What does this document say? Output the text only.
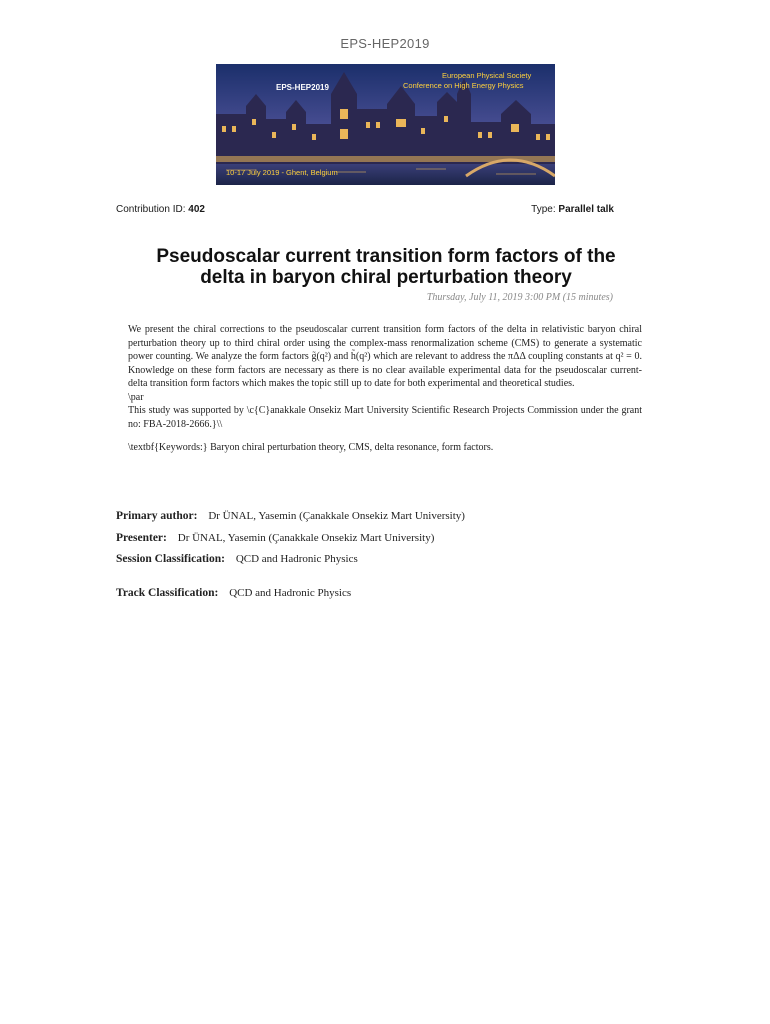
EPS-HEP2019
EPS-HEP2019
European Physical Society
Conference on High Energy Physics
10-17 July 2019 - Ghent, Belgium
Contribution ID: 402	Type: Parallel talk
Pseudoscalar current transition form factors of the
delta in baryon chiral perturbation theory
Thursday, July 11, 2019 3:00 PM (15 minutes)

We present the chiral corrections to the pseudoscalar current transition form factors of the delta in relativistic baryon chiral perturbation theory up to third chiral order using the complex-mass renormalization scheme (CMS) to generate a systematic power counting. We analyze the form factors g̃(q²) and h̃(q²) which are relevant to address the πΔΔ coupling constants at q² = 0. Knowledge on these form factors are necessary as there is no clear available experimental data for the pseudoscalar current-delta transition form factors which makes the topic still up to date for both experimental and theoretical studies.

\par

This study was supported by \c{C}anakkale Onsekiz Mart University Scientific Research Projects Commission under the grant no: FBA-2018-2666.}\\

\textbf{Keywords:} Baryon chiral perturbation theory, CMS, delta resonance, form factors.

Primary author: Dr ÜNAL, Yasemin (Çanakkale Onsekiz Mart University)
Presenter: Dr ÜNAL, Yasemin (Çanakkale Onsekiz Mart University)
Session Classification: QCD and Hadronic Physics
Track Classification: QCD and Hadronic Physics
